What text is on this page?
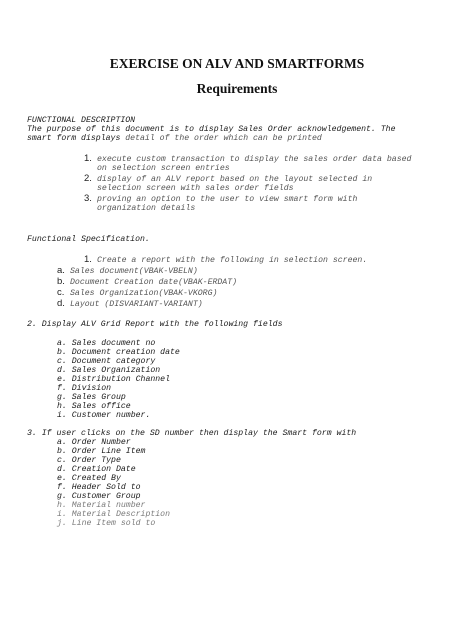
EXERCISE ON ALV AND SMARTFORMS
Requirements
FUNCTIONAL DESCRIPTION
The purpose of this document is to display Sales Order acknowledgement. The
smart form displays detail of the order which can be printed
1. execute custom transaction to display the sales order data based
on selection screen entries
2. display of an ALV report based on the layout selected in
selection screen with sales order fields
3. proving an option to the user to view smart form with
organization details
Functional Specification.
1. Create a report with the following in selection screen.
a. Sales document(VBAK-VBELN)
b. Document Creation date(VBAK-ERDAT)
c. Sales Organization(VBAK-VKORG)
d. Layout (DISVARIANT-VARIANT)
2. Display ALV Grid Report with the following fields
a. Sales document no
b. Document creation date
c. Document category
d. Sales Organization
e. Distribution Channel
f. Division
g. Sales Group
h. Sales office
i. Customer number.
3. If user clicks on the SD number then display the Smart form with
a. Order Number
b. Order Line Item
c. Order Type
d. Creation Date
e. Created By
f. Header Sold to
g. Customer Group
h. Material number
i. Material Description
j. Line Item sold to
